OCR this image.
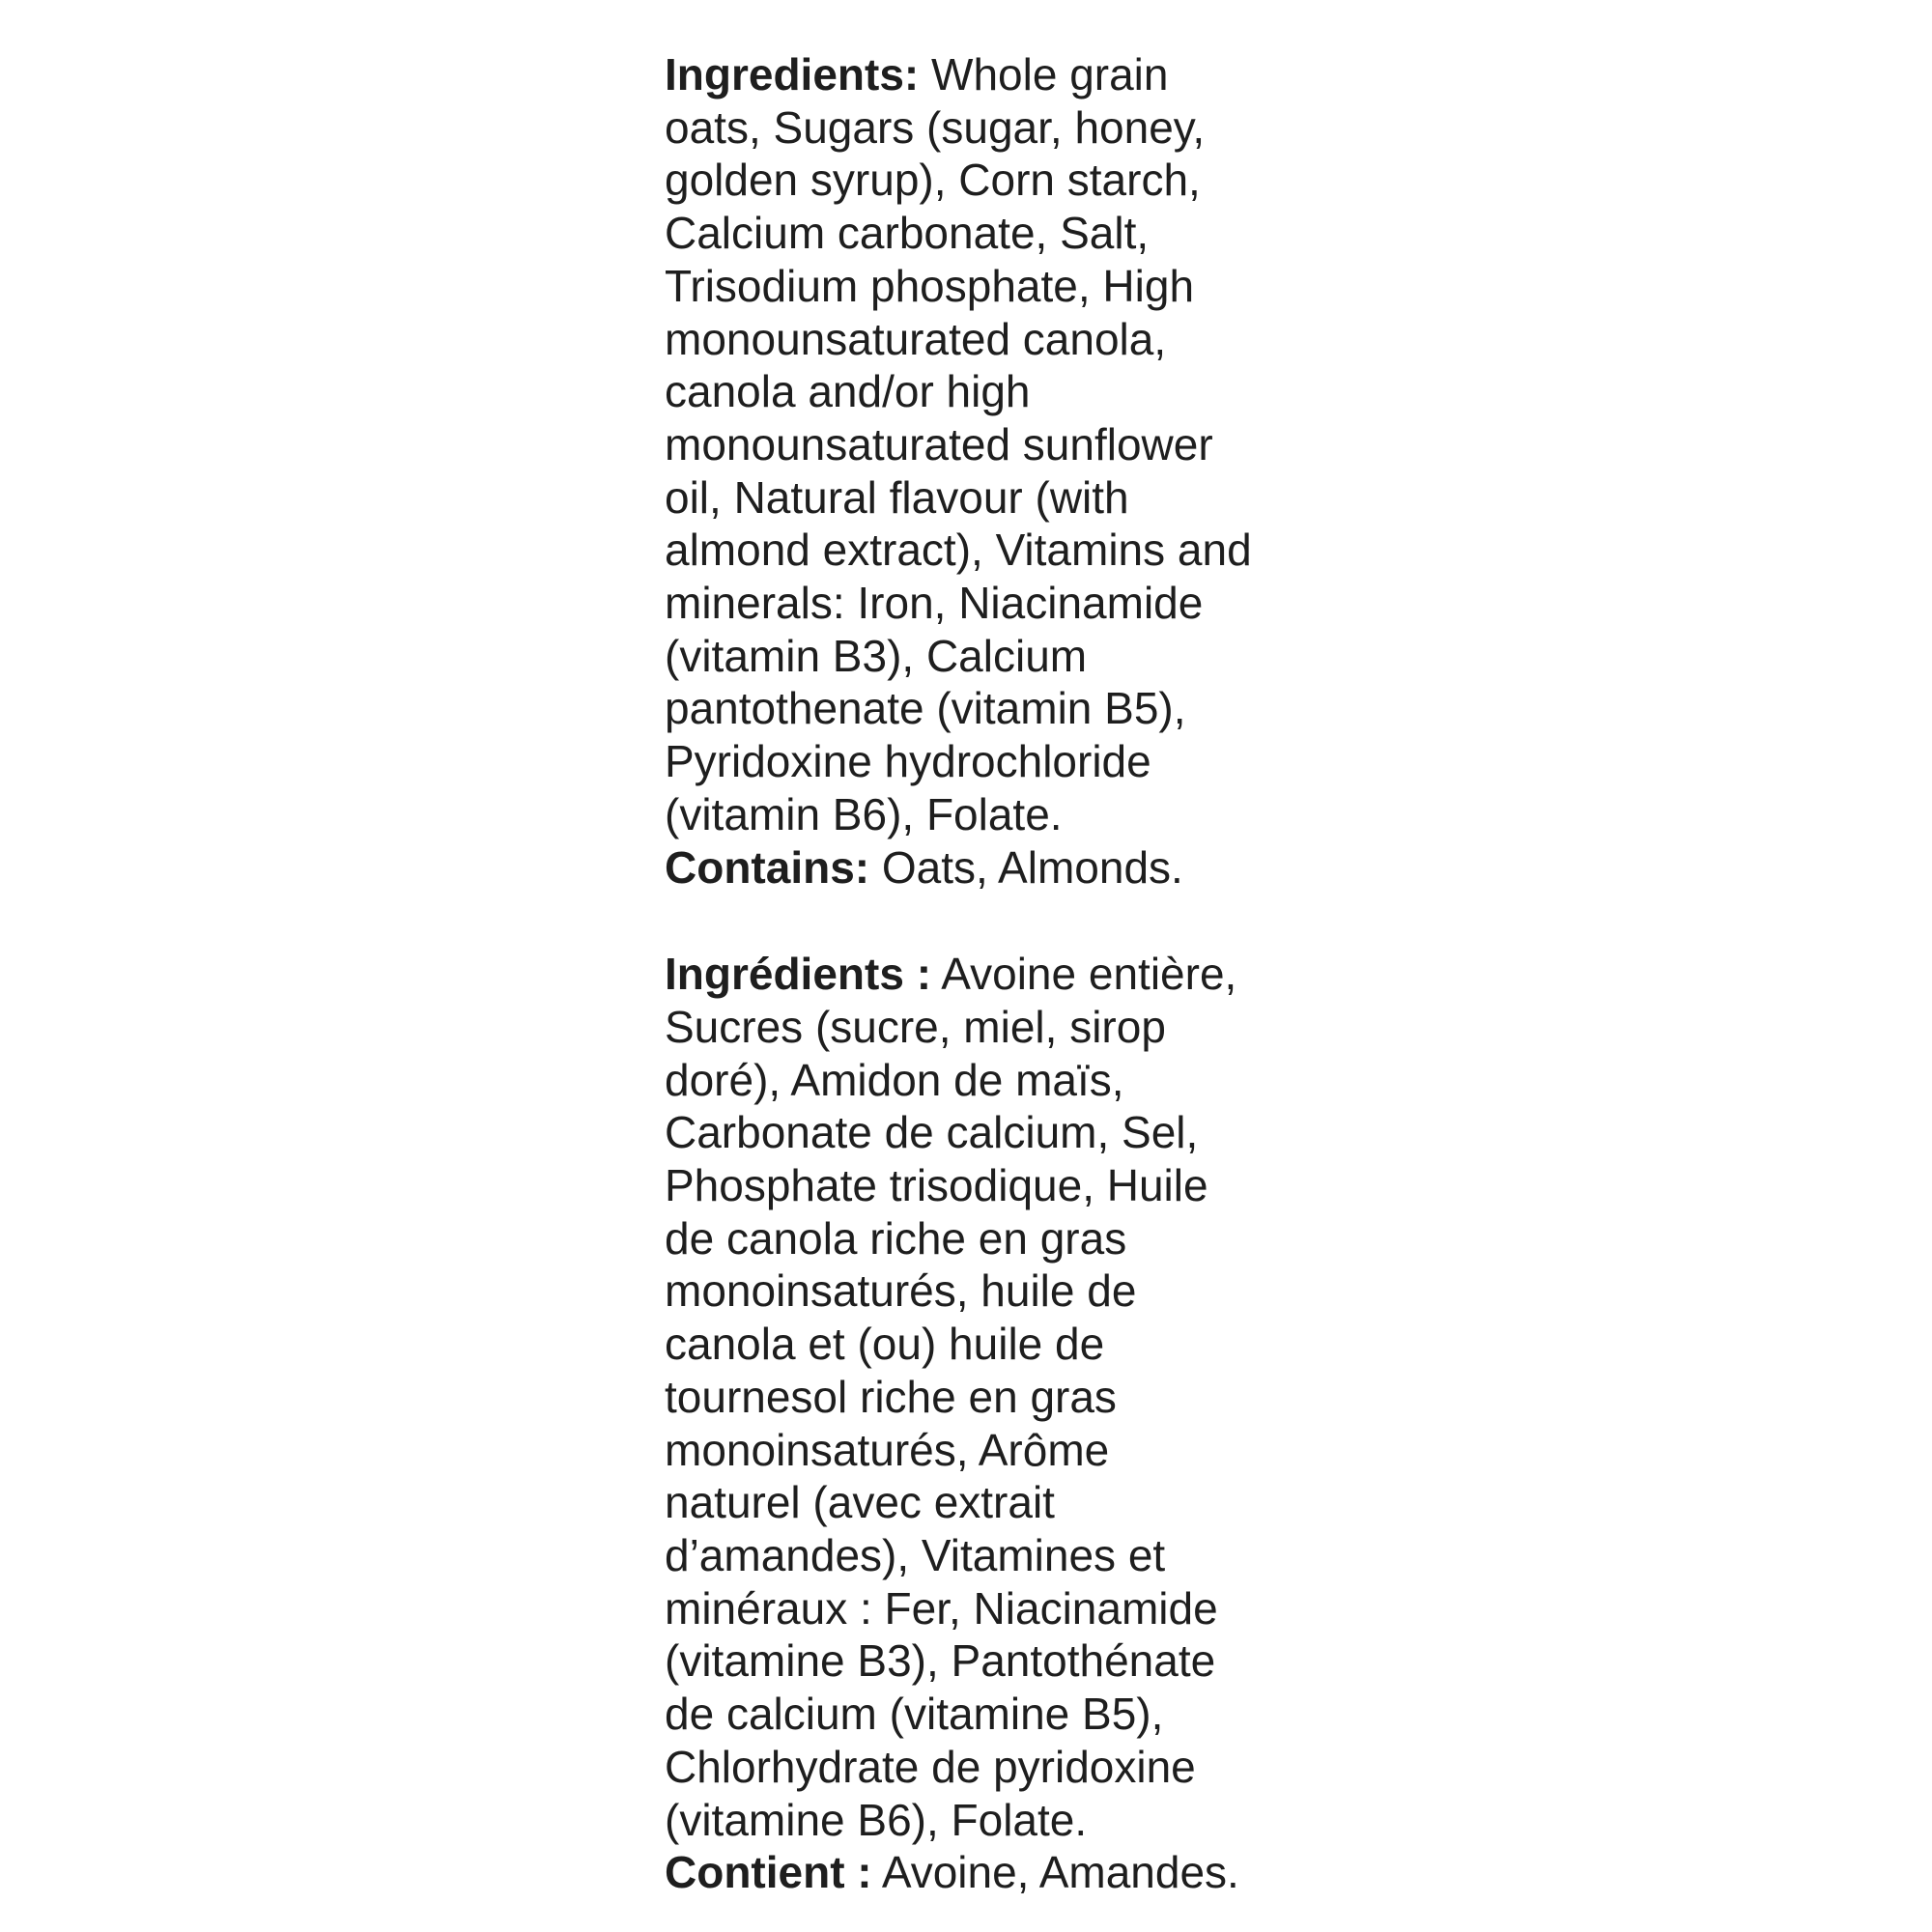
Ingredients: Whole grain
oats, Sugars (sugar, honey,
golden syrup), Corn starch,
Calcium carbonate, Salt,
Trisodium phosphate, High
monounsaturated canola,
canola and/or high
monounsaturated sunflower
oil, Natural flavour (with
almond extract), Vitamins and
minerals: Iron, Niacinamide
(vitamin B3), Calcium
pantothenate (vitamin B5),
Pyridoxine hydrochloride
(vitamin B6), Folate.
Contains: Oats, Almonds.
Ingrédients : Avoine entière,
Sucres (sucre, miel, sirop
doré), Amidon de maïs,
Carbonate de calcium, Sel,
Phosphate trisodique, Huile
de canola riche en gras
monoinsaturés, huile de
canola et (ou) huile de
tournesol riche en gras
monoinsaturés, Arôme
naturel (avec extrait
d’amandes), Vitamines et
minéraux : Fer, Niacinamide
(vitamine B3), Pantothénate
de calcium (vitamine B5),
Chlorhydrate de pyridoxine
(vitamine B6), Folate.
Contient : Avoine, Amandes.
